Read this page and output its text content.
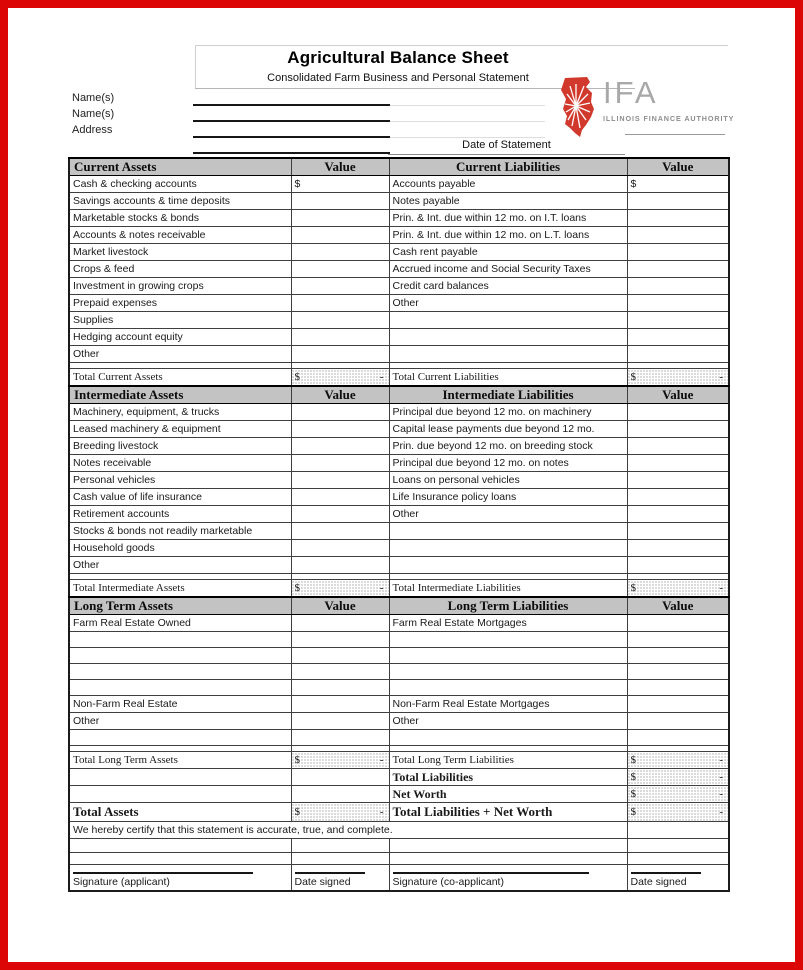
Agricultural Balance Sheet
Consolidated Farm Business and Personal Statement
Name(s)
Name(s)
Address
Date of Statement
IFA
ILLINOIS FINANCE AUTHORITY
Current Assets	Value	Current Liabilities	Value
Cash & checking accounts	$	Accounts payable	$
Savings accounts & time deposits		Notes payable	
Marketable stocks & bonds		Prin. & Int. due within 12 mo. on I.T. loans	
Accounts & notes receivable		Prin. & Int. due within 12 mo. on L.T. loans	
Market livestock		Cash rent payable	
Crops & feed		Accrued income and Social Security Taxes	
Investment in growing crops		Credit card balances	
Prepaid expenses		Other	
Supplies			
Hedging account equity			
Other			

Total Current Assets	$ -	Total Current Liabilities	$ -

Intermediate Assets	Value	Intermediate Liabilities	Value
Machinery, equipment, & trucks		Principal due beyond 12 mo. on machinery	
Leased machinery & equipment		Capital lease payments due beyond 12 mo.	
Breeding livestock		Prin. due beyond 12 mo. on breeding stock	
Notes receivable		Principal due beyond 12 mo. on notes	
Personal vehicles		Loans on personal vehicles	
Cash value of life insurance		Life Insurance policy loans	
Retirement accounts		Other	
Stocks & bonds not readily marketable			
Household goods			
Other			

Total Intermediate Assets	$ -	Total Intermediate Liabilities	$ -

Long Term Assets	Value	Long Term Liabilities	Value
Farm Real Estate Owned		Farm Real Estate Mortgages	

Non-Farm Real Estate		Non-Farm Real Estate Mortgages	
Other		Other	

Total Long Term Assets	$ -	Total Long Term Liabilities	$ -

		Total Liabilities	$ -

		Net Worth	$ -

Total Assets	$ -	Total Liabilities + Net Worth	$ -

We hereby certify that this statement is accurate, true, and complete.			

Signature (applicant)	Date signed	Signature (co-applicant)	Date signed
